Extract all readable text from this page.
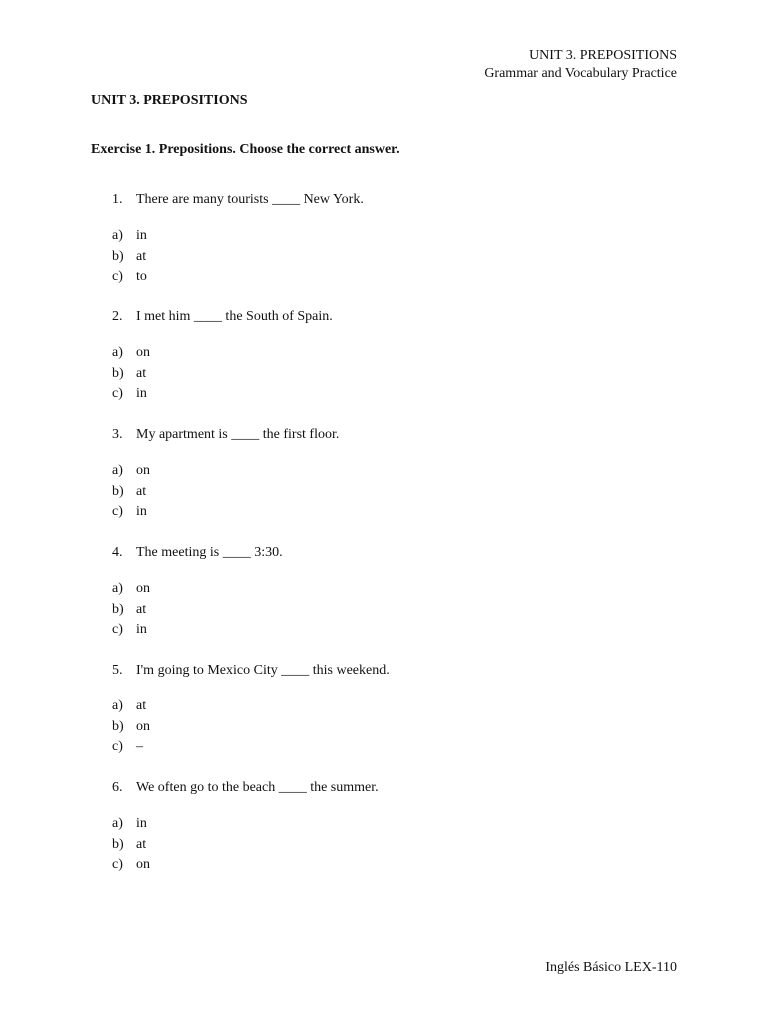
UNIT 3. PREPOSITIONS
Grammar and Vocabulary Practice
UNIT 3. PREPOSITIONS
Exercise 1. Prepositions. Choose the correct answer.
1. There are many tourists ____ New York.
a) in
b) at
c) to
2. I met him ____ the South of Spain.
a) on
b) at
c) in
3. My apartment is ____ the first floor.
a) on
b) at
c) in
4. The meeting is ____ 3:30.
a) on
b) at
c) in
5. I'm going to Mexico City ____ this weekend.
a) at
b) on
c) –
6. We often go to the beach ____ the summer.
a) in
b) at
c) on
Inglés Básico LEX-110
